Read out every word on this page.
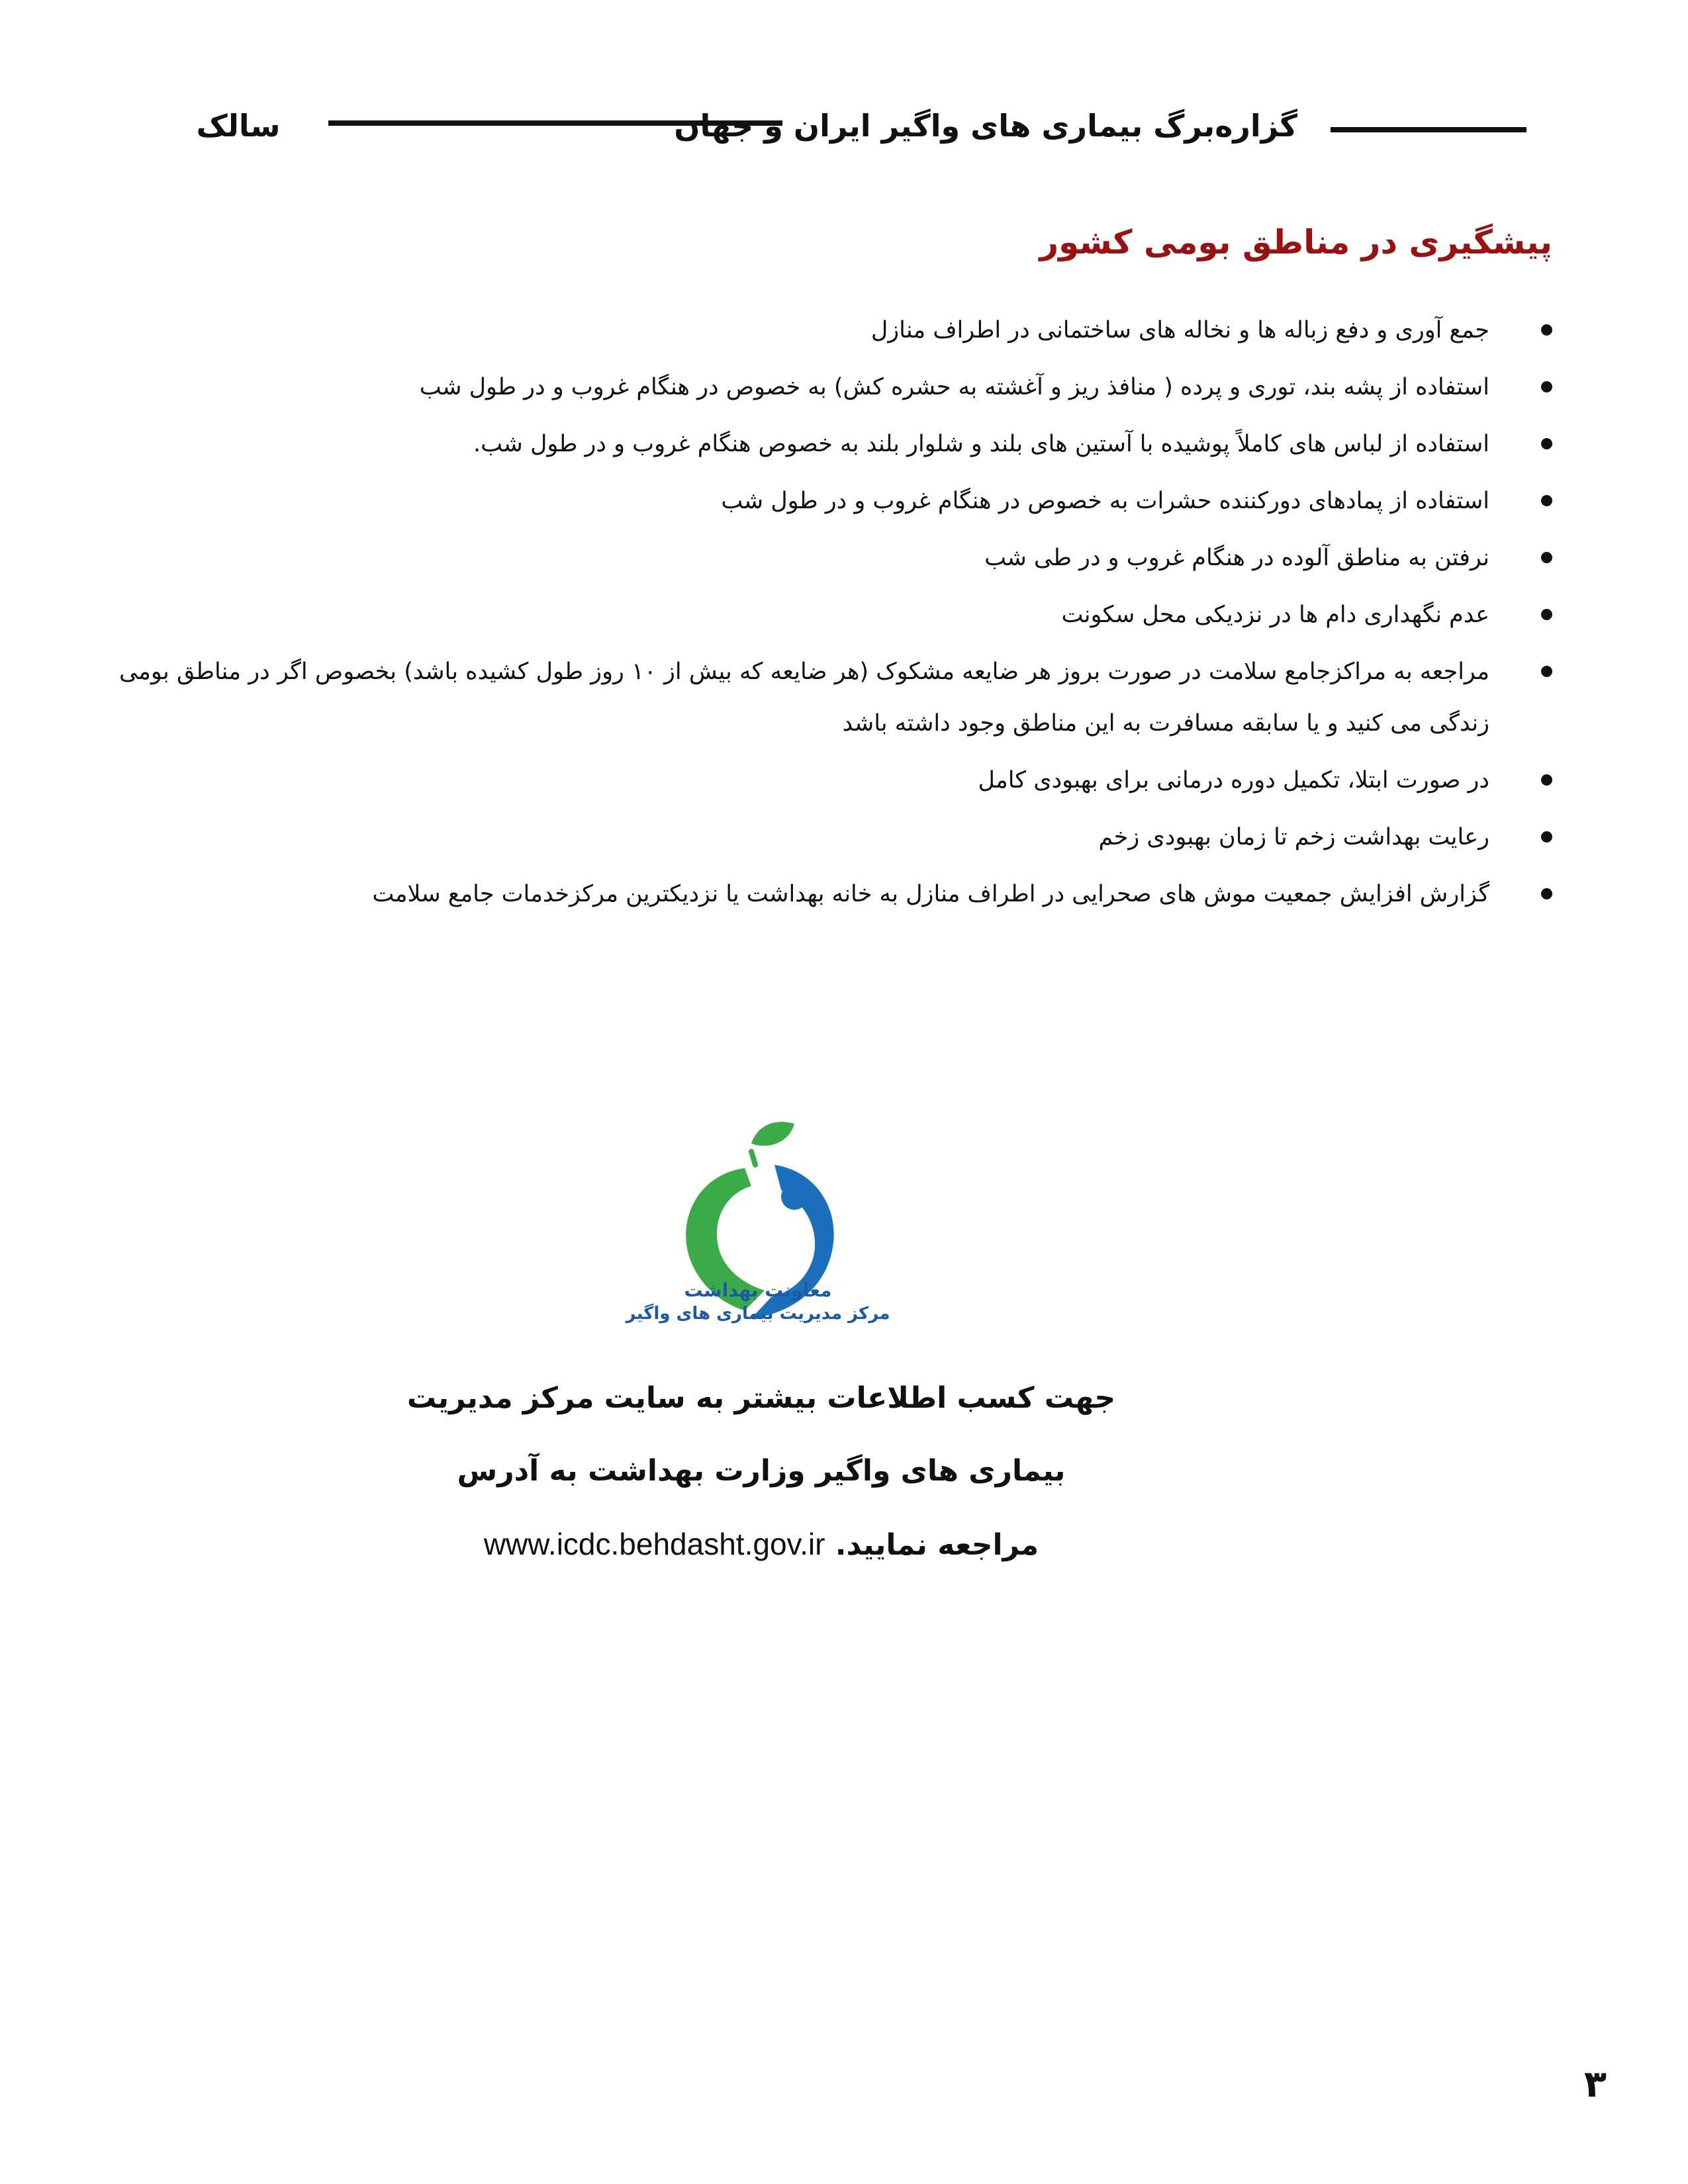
گزاره‌برگ بیماری های واگیر ایران و جهان
سالک
پیشگیری در مناطق بومی کشور
جمع آوری و دفع زباله ها و نخاله های ساختمانی در اطراف منازل
استفاده از پشه بند، توری و پرده ( منافذ ریز و آغشته به حشره کش) به خصوص در هنگام غروب و در طول شب
استفاده از لباس های کاملاً پوشیده با آستین های بلند و شلوار بلند به خصوص هنگام غروب و در طول شب.
استفاده از پمادهای دورکننده حشرات به خصوص در هنگام غروب و در طول شب
نرفتن به مناطق آلوده در هنگام غروب و در طی شب
عدم نگهداری دام ها در نزدیکی محل سکونت
مراجعه به مراکزجامع سلامت در صورت بروز هر ضایعه مشکوک (هر ضایعه که بیش از ۱۰ روز طول کشیده باشد) بخصوص اگر در مناطق بومی زندگی می کنید و یا سابقه مسافرت به این مناطق وجود داشته باشد
در صورت ابتلا، تکمیل دوره درمانی برای بهبودی کامل
رعایت بهداشت زخم تا زمان بهبودی زخم
گزارش افزایش جمعیت موش های صحرایی در اطراف منازل به خانه بهداشت یا نزدیکترین مرکزخدمات جامع سلامت
معاونت بهداشت
مرکز مدیریت بیماری های واگیر
جهت کسب اطلاعات بیشتر به سایت مرکز مدیریت
بیماری های واگیر وزارت بهداشت به آدرس
مراجعه نمایید. www.icdc.behdasht.gov.ir
۳
